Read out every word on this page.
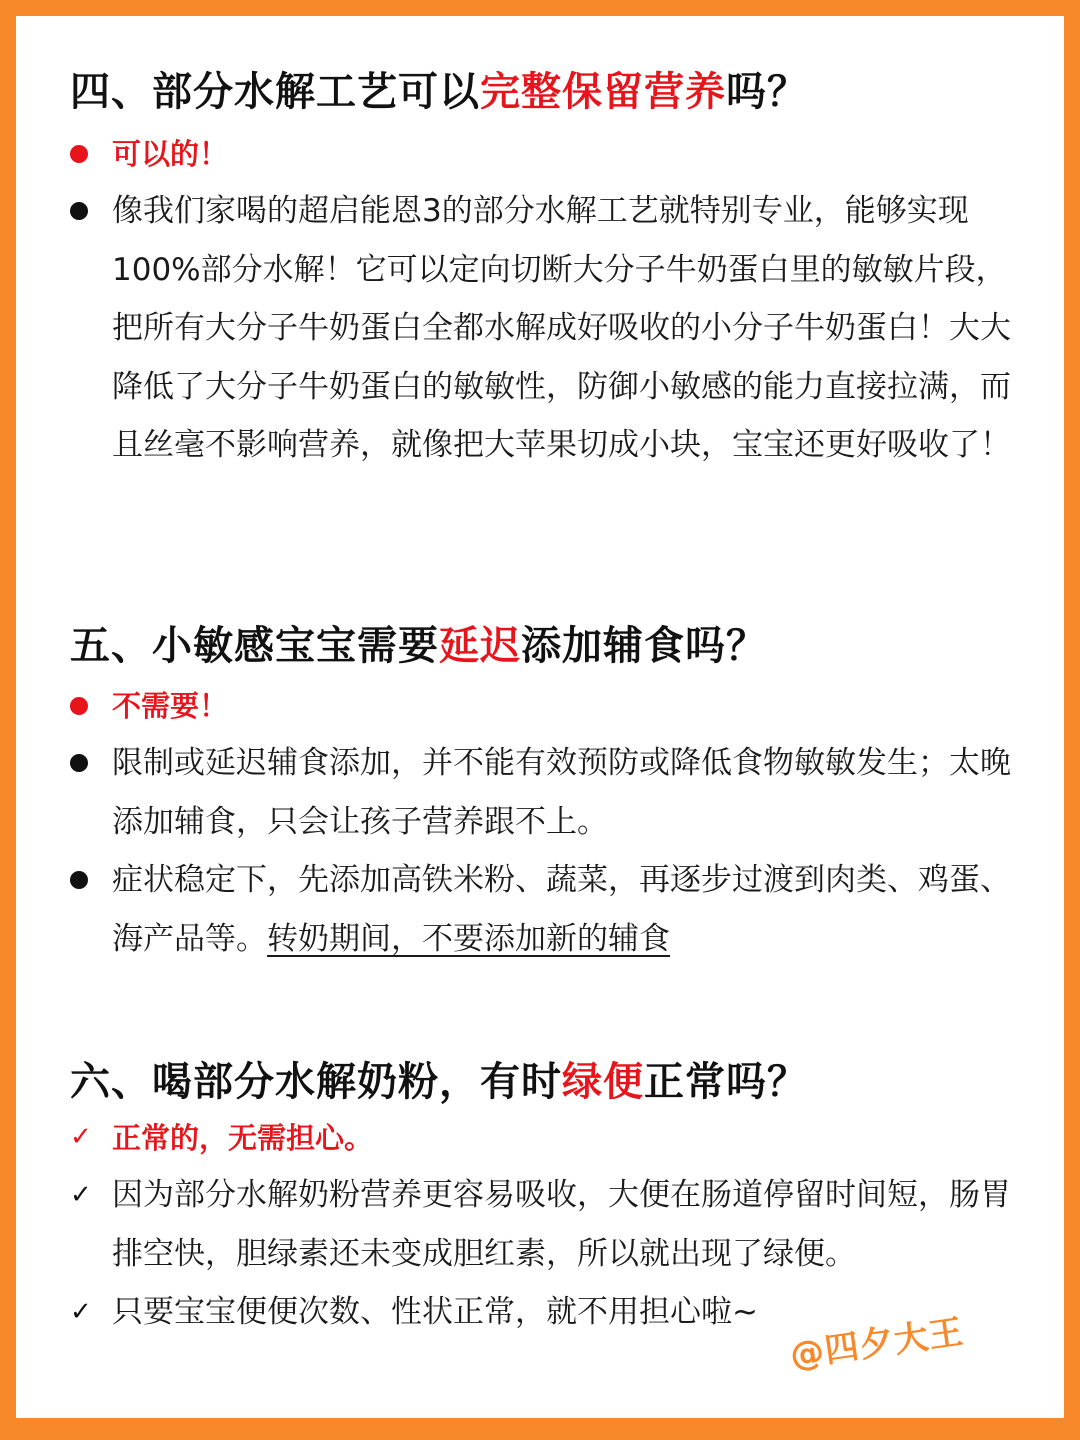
四、部分水解工艺可以完整保留营养吗？
可以的！
像我们家喝的超启能恩3的部分水解工艺就特别专业，能够实现100%部分水解！它可以定向切断大分子牛奶蛋白里的敏敏片段，把所有大分子牛奶蛋白全都水解成好吸收的小分子牛奶蛋白！大大降低了大分子牛奶蛋白的敏敏性，防御小敏感的能力直接拉满，而且丝毫不影响营养，就像把大苹果切成小块，宝宝还更好吸收了！
五、小敏感宝宝需要延迟添加辅食吗？
不需要！
限制或延迟辅食添加，并不能有效预防或降低食物敏敏发生；太晚添加辅食，只会让孩子营养跟不上。
症状稳定下，先添加高铁米粉、蔬菜，再逐步过渡到肉类、鸡蛋、海产品等。转奶期间，不要添加新的辅食
六、喝部分水解奶粉，有时绿便正常吗？
✓ 正常的，无需担心。
✓ 因为部分水解奶粉营养更容易吸收，大便在肠道停留时间短，肠胃排空快，胆绿素还未变成胆红素，所以就出现了绿便。
✓ 只要宝宝便便次数、性状正常，就不用担心啦~ @四夕大王
